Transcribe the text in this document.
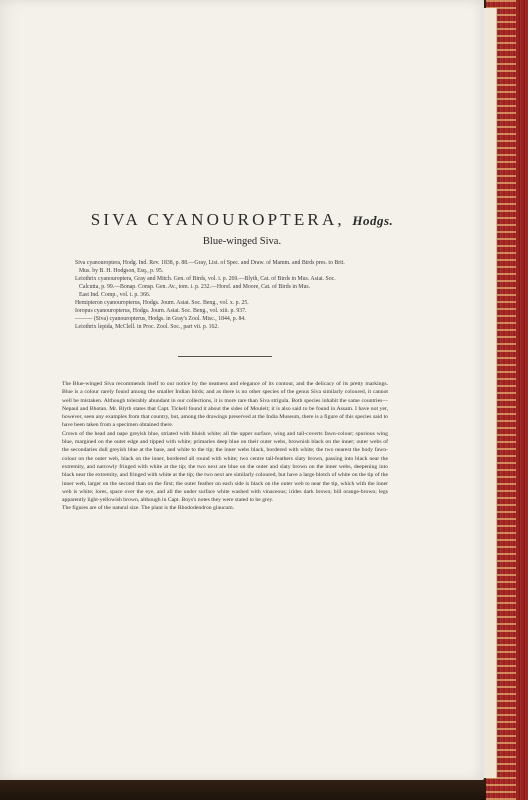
SIVA CYANOUROPTERA, Hodgs.
Blue-winged Siva.

Siva cyanouroptera, Hodg. Ind. Rev. 1838, p. 88.—Gray, List. of Spec. and Draw. of Mamm. and Birds pres. to Brit.

Mus. by B. H. Hodgson, Esq., p. 95.

Leiothrix cyanouroptera, Gray and Mitch. Gen. of Birds, vol. i. p. 269.—Blyth, Cat. of Birds in Mus. Asiat. Soc.

Calcutta, p. 99.—Bonap. Consp. Gen. Av., tom. i. p. 232.—Horsf. and Moore, Cat. of Birds in Mus.

East Ind. Comp., vol. i. p. 366.

Hemipteron cyanouropterus, Hodgs. Journ. Asiat. Soc. Beng., vol. x. p. 25.

Ioropus cyanouropterus, Hodgs. Journ. Asiat. Soc. Beng., vol. xiii. p. 937.

——— (Siva) cyanouropterus, Hodgs. in Gray's Zool. Misc., 1844, p. 84.

Leiothrix lepida, McClell. in Proc. Zool. Soc., part vii. p. 162.

The Blue-winged Siva recommends itself to our notice by the neatness and elegance of its contour, and the delicacy of its pretty markings. Blue is a colour rarely found among the smaller Indian birds; and as there is no other species of the genus Siva similarly coloured, it cannot well be mistaken. Although tolerably abundant in our collections, it is more rare than Siva strigula. Both species inhabit the same countries—Nepaul and Bhotan. Mr. Blyth states that Capt. Tickell found it about the sides of Mouleit; it is also said to be found in Assam. I have not yet, however, seen any examples from that country, but, among the drawings preserved at the India Museum, there is a figure of this species said to have been taken from a specimen obtained there.

Crown of the head and nape greyish blue, striated with bluish white; all the upper surface, wing and tail-coverts fawn-colour; spurious wing blue, margined on the outer edge and tipped with white; primaries deep blue on their outer webs, brownish black on the inner; outer webs of the secondaries dull greyish blue at the base, and white to the tip; the inner webs black, bordered with white; the two nearest the body fawn-colour on the outer web, black on the inner, bordered all round with white; two centre tail-feathers slaty brown, passing into black near the extremity, and narrowly fringed with white at the tip; the two next are blue on the outer and slaty brown on the inner webs, deepening into black near the extremity, and fringed with white at the tip; the two next are similarly coloured, but have a large blotch of white on the tip of the inner web, larger on the second than on the first; the outer feather on each side is black on the outer web to near the tip, which with the inner web is white; lores, space over the eye, and all the under surface white washed with vinaceous; irides dark brown; bill orange-brown; legs apparently light-yellowish brown, although in Capt. Boys's notes they were stated to be grey.

The figures are of the natural size. The plant is the Rhododendron glaucum.
